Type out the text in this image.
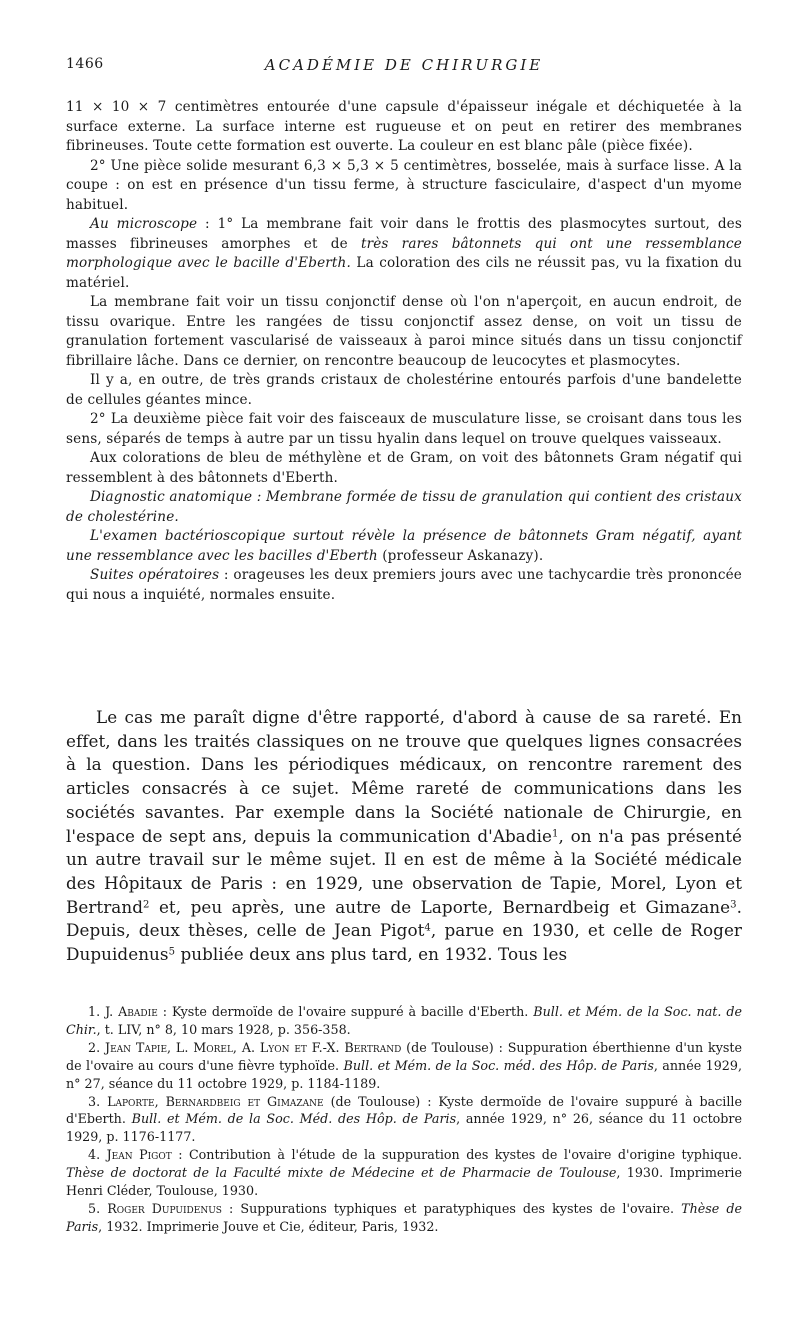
1466	ACADÉMIE DE CHIRURGIE

11 × 10 × 7 centimètres entourée d'une capsule d'épaisseur inégale et déchiquetée à la surface externe. La surface interne est rugueuse et on peut en retirer des membranes fibrineuses. Toute cette formation est ouverte. La couleur en est blanc pâle (pièce fixée).

2° Une pièce solide mesurant 6,3 × 5,3 × 5 centimètres, bosselée, mais à surface lisse. A la coupe : on est en présence d'un tissu ferme, à structure fasciculaire, d'aspect d'un myome habituel.

Au microscope : 1° La membrane fait voir dans le frottis des plasmocytes surtout, des masses fibrineuses amorphes et de très rares bâtonnets qui ont une ressemblance morphologique avec le bacille d'Eberth. La coloration des cils ne réussit pas, vu la fixation du matériel.

La membrane fait voir un tissu conjonctif dense où l'on n'aperçoit, en aucun endroit, de tissu ovarique. Entre les rangées de tissu conjonctif assez dense, on voit un tissu de granulation fortement vascularisé de vaisseaux à paroi mince situés dans un tissu conjonctif fibrillaire lâche. Dans ce dernier, on rencontre beaucoup de leucocytes et plasmocytes.

Il y a, en outre, de très grands cristaux de cholestérine entourés parfois d'une bandelette de cellules géantes mince.

2° La deuxième pièce fait voir des faisceaux de musculature lisse, se croisant dans tous les sens, séparés de temps à autre par un tissu hyalin dans lequel on trouve quelques vaisseaux.

Aux colorations de bleu de méthylène et de Gram, on voit des bâtonnets Gram négatif qui ressemblent à des bâtonnets d'Eberth.

Diagnostic anatomique : Membrane formée de tissu de granulation qui contient des cristaux de cholestérine.

L'examen bactérioscopique surtout révèle la présence de bâtonnets Gram négatif, ayant une ressemblance avec les bacilles d'Eberth (professeur Askanazy).

Suites opératoires : orageuses les deux premiers jours avec une tachycardie très prononcée qui nous a inquiété, normales ensuite.

Le cas me paraît digne d'être rapporté, d'abord à cause de sa rareté. En effet, dans les traités classiques on ne trouve que quelques lignes consacrées à la question. Dans les périodiques médicaux, on rencontre rarement des articles consacrés à ce sujet. Même rareté de communications dans les sociétés savantes. Par exemple dans la Société nationale de Chirurgie, en l'espace de sept ans, depuis la communication d'Abadie$^1$, on n'a pas présenté un autre travail sur le même sujet. Il en est de même à la Société médicale des Hôpitaux de Paris : en 1929, une observation de Tapie, Morel, Lyon et Bertrand$^2$ et, peu après, une autre de Laporte, Bernardbeig et Gimazane$^3$. Depuis, deux thèses, celle de Jean Pigot$^4$, parue en 1930, et celle de Roger Dupuidenus$^5$ publiée deux ans plus tard, en 1932. Tous les

1. J. Abadie : Kyste dermoïde de l'ovaire suppuré à bacille d'Eberth. Bull. et Mém. de la Soc. nat. de Chir., t. LIV, n° 8, 10 mars 1928, p. 356-358.

2. Jean Tapie, L. Morel, A. Lyon et F.-X. Bertrand (de Toulouse) : Suppuration éberthienne d'un kyste de l'ovaire au cours d'une fièvre typhoïde. Bull. et Mém. de la Soc. méd. des Hôp. de Paris, année 1929, n° 27, séance du 11 octobre 1929, p. 1184-1189.

3. Laporte, Bernardbeig et Gimazane (de Toulouse) : Kyste dermoïde de l'ovaire suppuré à bacille d'Eberth. Bull. et Mém. de la Soc. Méd. des Hôp. de Paris, année 1929, n° 26, séance du 11 octobre 1929, p. 1176-1177.

4. Jean Pigot : Contribution à l'étude de la suppuration des kystes de l'ovaire d'origine typhique. Thèse de doctorat de la Faculté mixte de Médecine et de Pharmacie de Toulouse, 1930. Imprimerie Henri Cléder, Toulouse, 1930.

5. Roger Dupuidenus : Suppurations typhiques et paratyphiques des kystes de l'ovaire. Thèse de Paris, 1932. Imprimerie Jouve et Cie, éditeur, Paris, 1932.
